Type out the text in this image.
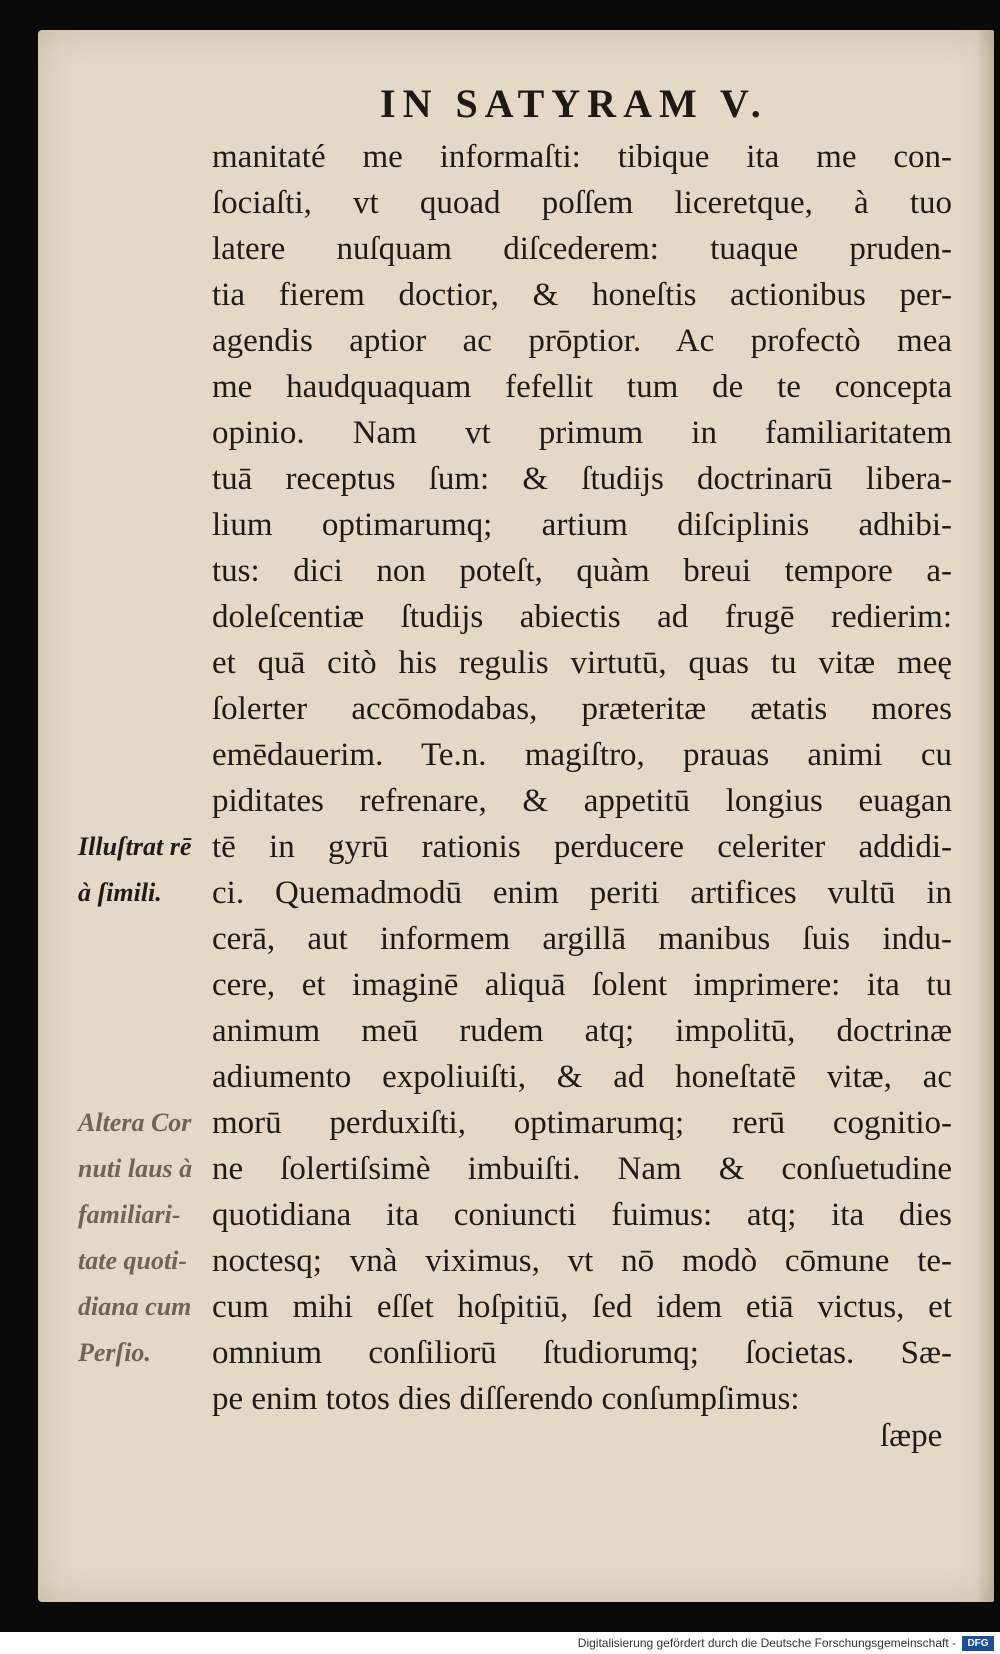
IN SATYRAM V.
manitaté me informaſti: tibique ita me con-
ſociaſti, vt quoad poſſem liceretque, à tuo
latere nuſquam diſcederem: tuaque pruden-
tia fierem doctior, & honeſtis actionibus per-
agendis aptior ac prōptior. Ac profectò mea
me haudquaquam fefellit tum de te concepta
opinio. Nam vt primum in familiaritatem
tuā receptus ſum: & ſtudijs doctrinarū libera-
lium optimarumq; artium diſciplinis adhibi-
tus: dici non poteſt, quàm breui tempore a-
doleſcentiæ ſtudijs abiectis ad frugē redierim:
et quā citò his regulis virtutū, quas tu vitæ meę
ſolerter accōmodabas, præteritæ ætatis mores
emēdauerim. Te.n. magiſtro, prauas animi cu
piditates refrenare, & appetitū longius euagan
tē in gyrū rationis perducere celeriter addidi-
ci. Quemadmodū enim periti artifices vultū in
cerā, aut informem argillā manibus ſuis indu-
cere, et imaginē aliquā ſolent imprimere: ita tu
animum meū rudem atq; impolitū, doctrinæ
adiumento expoliuiſti, & ad honeſtatē vitæ, ac
morū perduxiſti, optimarumq; rerū cognitio-
ne ſolertiſsimè imbuiſti. Nam & conſuetudine
quotidiana ita coniuncti fuimus: atq; ita dies
noctesq; vnà viximus, vt nō modò cōmune te-
cum mihi eſſet hoſpitiū, ſed idem etiā victus, et
omnium conſiliorū ſtudiorumq; ſocietas. Sæ-
pe enim totos dies diſſerendo conſumpſimus:
ſæpe
Illuſtrat rē
à ſimili.
Altera Cor
nuti laus à
familiari-
tate quoti-
diana cum
Perſio.
Digitalisierung gefördert durch die Deutsche Forschungsgemeinschaft -	DFG
